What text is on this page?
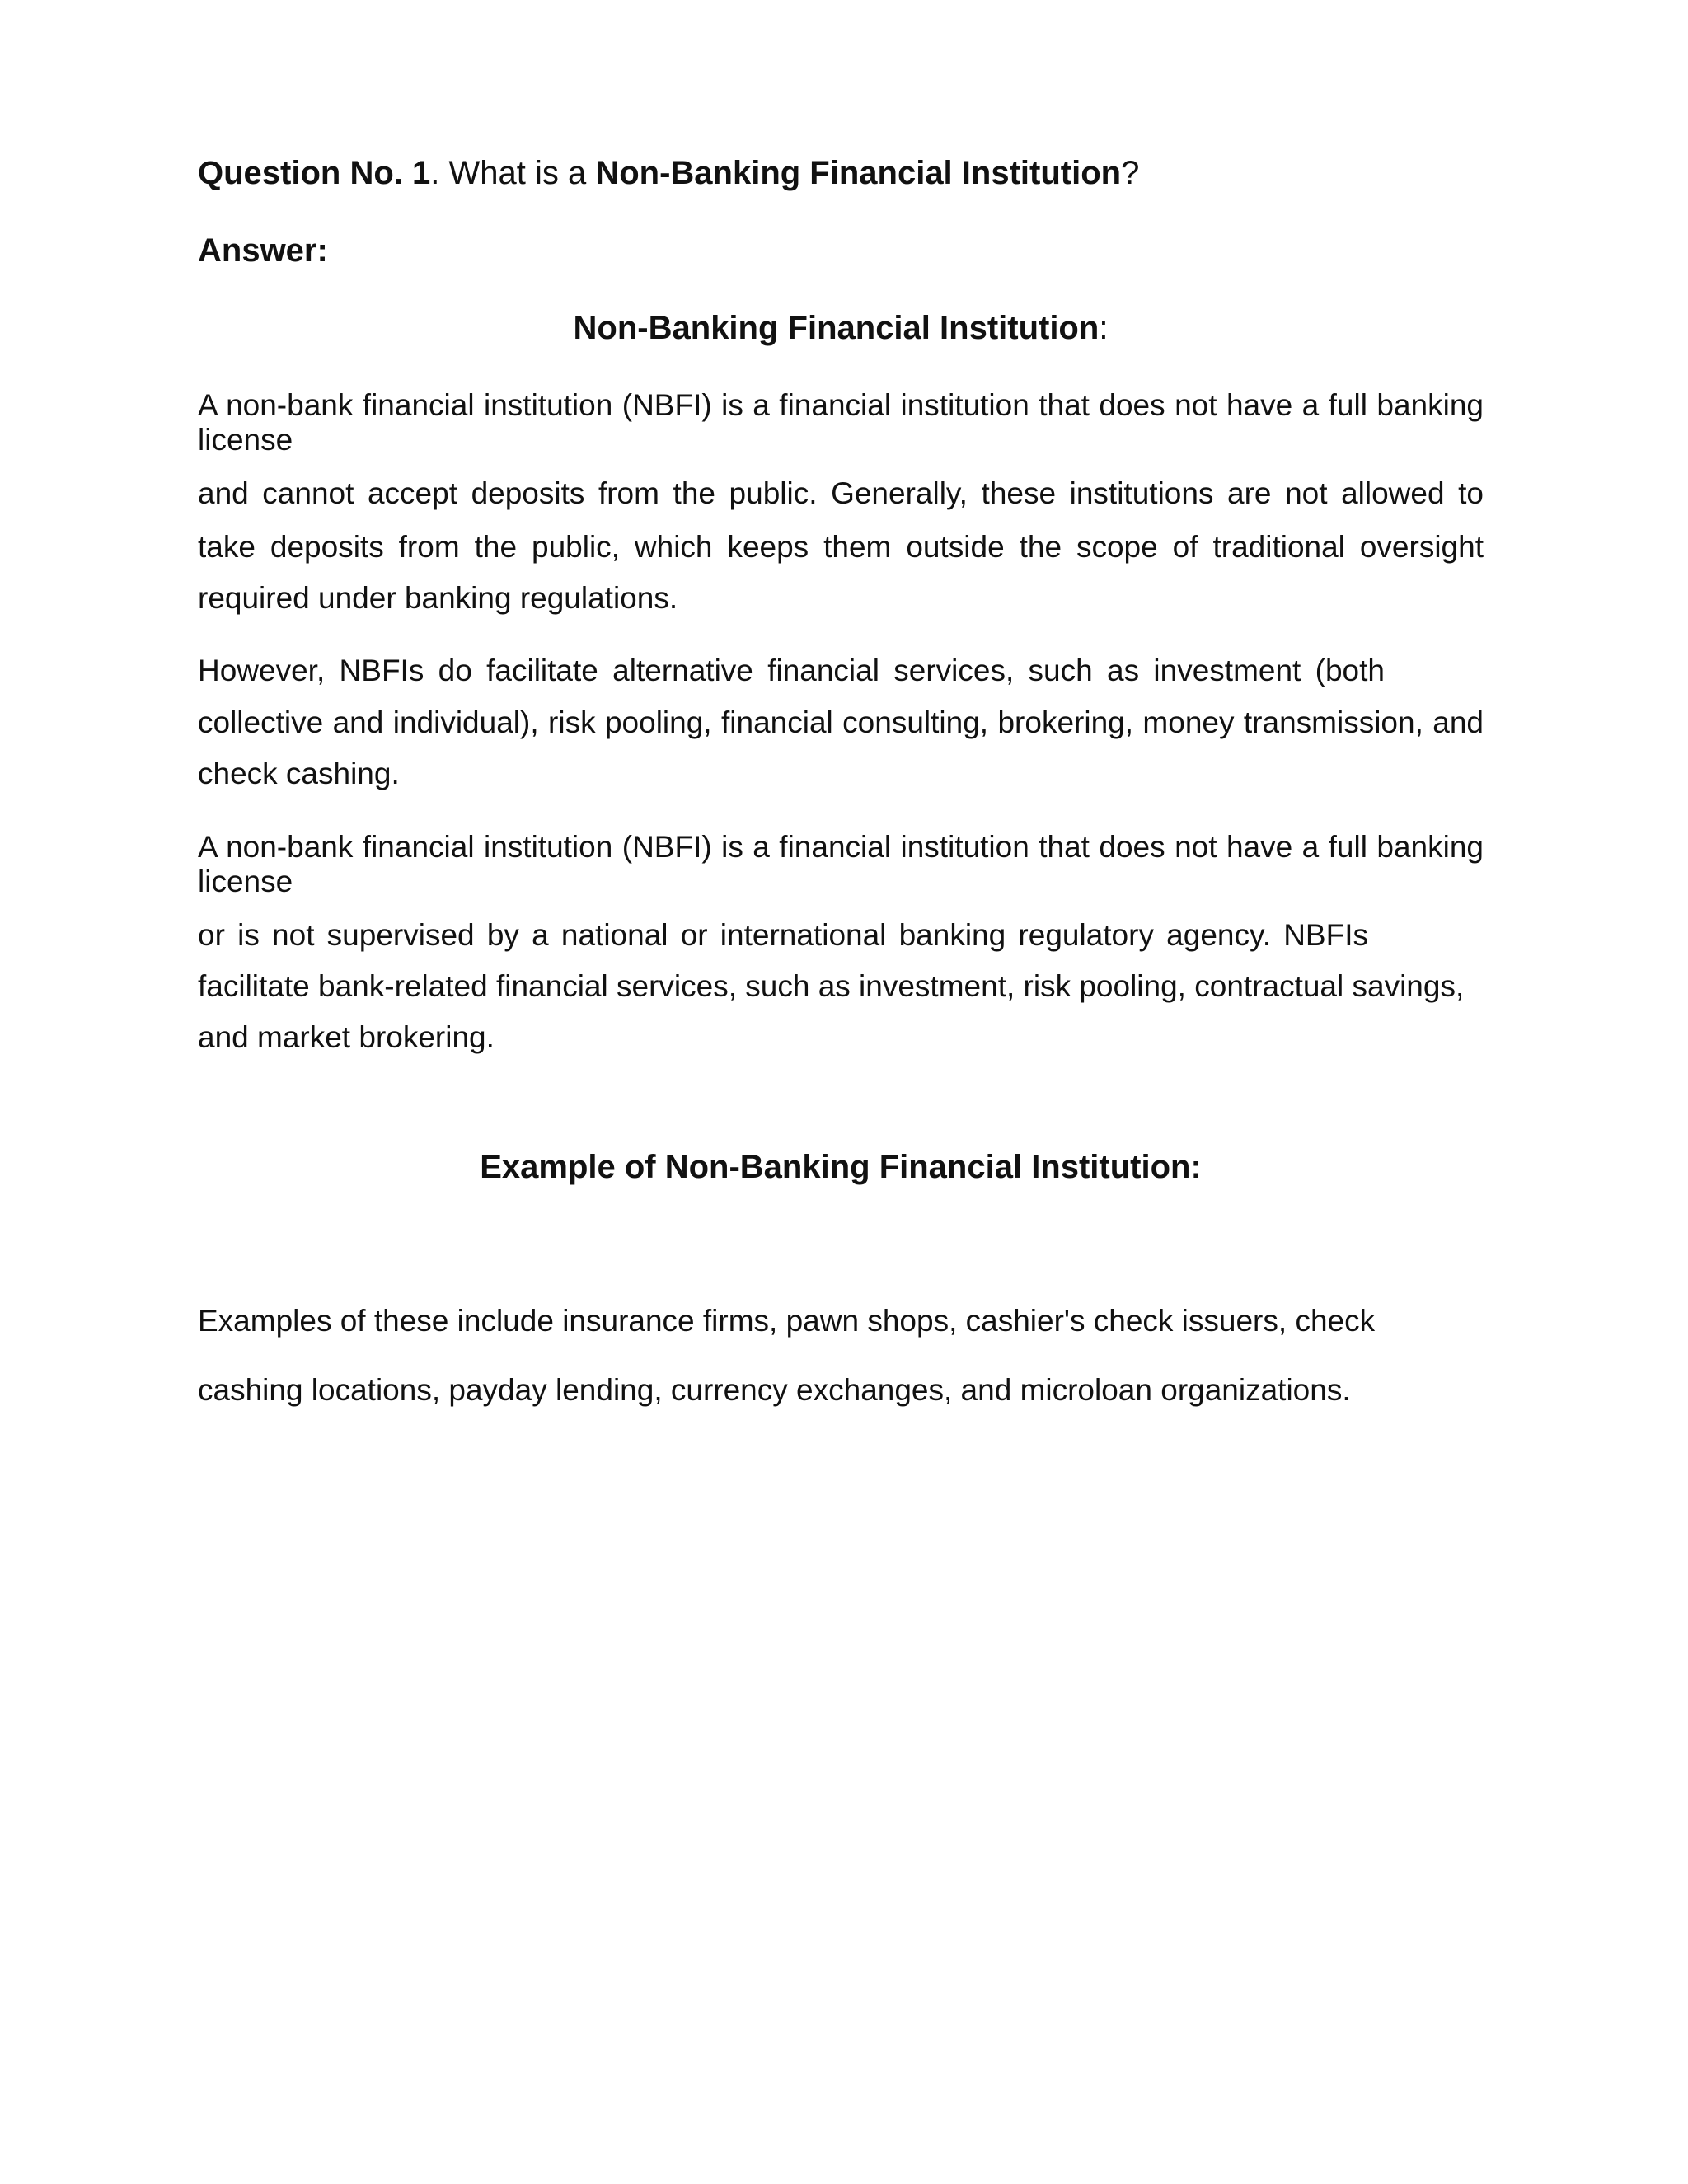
Question No. 1. What is a Non-Banking Financial Institution?

Answer:

Non-Banking Financial Institution:

A non-bank financial institution (NBFI) is a financial institution that does not have a full banking

license

and cannot accept deposits from the public. Generally, these institutions are not allowed to

take deposits from the public, which keeps them outside the scope of traditional oversight

required under banking regulations.

However, NBFIs do facilitate alternative financial services, such as investment (both

collective and individual), risk pooling, financial consulting, brokering, money transmission, and

check cashing.

A non-bank financial institution (NBFI) is a financial institution that does not have a full banking

license

or is not supervised by a national or international banking regulatory agency. NBFIs

facilitate bank-related financial services, such as investment, risk pooling, contractual savings,

and market brokering.

Example of Non-Banking Financial Institution:

Examples of these include insurance firms, pawn shops, cashier's check issuers, check

cashing locations, payday lending, currency exchanges, and microloan organizations.
